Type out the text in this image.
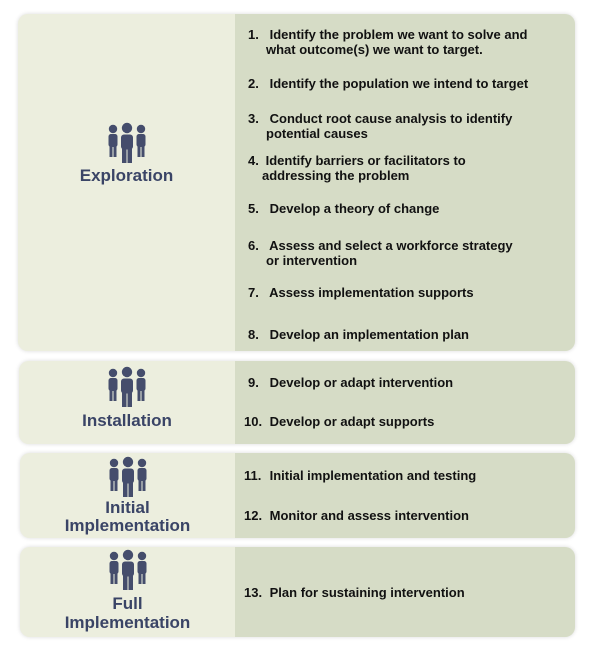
Exploration
1. Identify the problem we want to solve and
what outcome(s) we want to target.
2. Identify the population we intend to target
3. Conduct root cause analysis to identify
potential causes
4. Identify barriers or facilitators to
addressing the problem
5. Develop a theory of change
6. Assess and select a workforce strategy
or intervention
7. Assess implementation supports
8. Develop an implementation plan
Installation
9. Develop or adapt intervention
10. Develop or adapt supports
Initial
Implementation
11. Initial implementation and testing
12. Monitor and assess intervention
Full
Implementation
13. Plan for sustaining intervention
